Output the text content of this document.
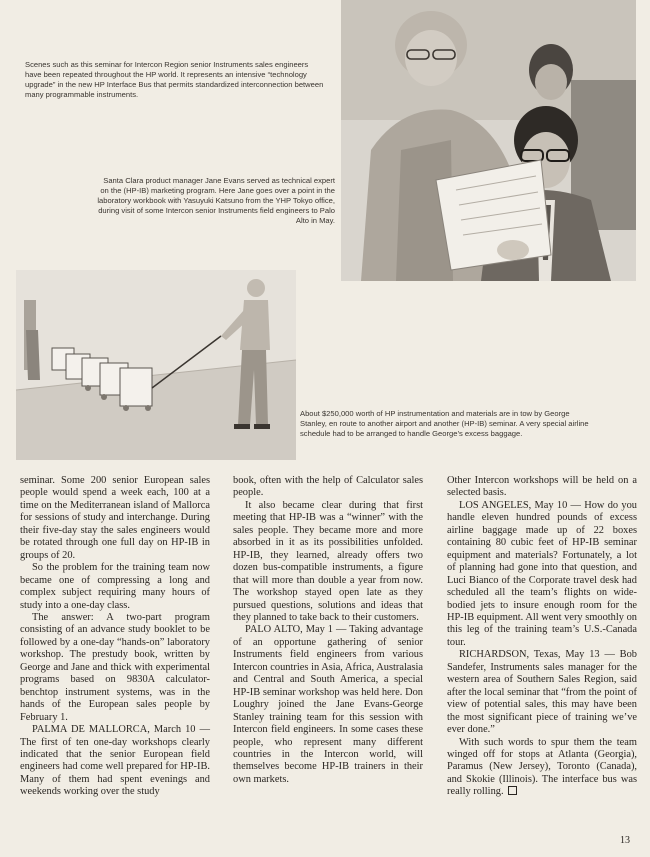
Scenes such as this seminar for Intercon Region senior Instruments sales engineers have been repeated throughout the HP world. It represents an intensive “technology upgrade” in the new HP Interface Bus that permits standardized interconnection between many programmable instruments.
Santa Clara product manager Jane Evans served as technical expert on the (HP-IB) marketing program. Here Jane goes over a point in the laboratory workbook with Yasuyuki Katsuno from the YHP Tokyo office, during visit of some Intercon senior Instruments field engineers to Palo Alto in May.
About $250,000 worth of HP instrumentation and materials are in tow by George Stanley, en route to another airport and another (HP-IB) seminar. A very special airline schedule had to be arranged to handle George’s excess baggage.

seminar. Some 200 senior European sales people would spend a week each, 100 at a time on the Mediterranean island of Mallorca for sessions of study and interchange. During their five-day stay the sales engineers would be rotated through one full day on HP-IB in groups of 20.

So the problem for the training team now became one of compressing a long and complex subject requiring many hours of study into a one-day class.

The answer: A two-part program consisting of an advance study booklet to be followed by a one-day “hands-on” laboratory workshop. The prestudy book, written by George and Jane and thick with experimental programs based on 9830A calculator-benchtop instrument systems, was in the hands of the European sales people by February 1.

PALMA DE MALLORCA, March 10 — The first of ten one-day workshops clearly indicated that the senior European field engineers had come well prepared for HP-IB. Many of them had spent evenings and weekends working over the study

book, often with the help of Calculator sales people.

It also became clear during that first meeting that HP-IB was a “winner” with the sales people. They became more and more absorbed in it as its possibilities unfolded. HP-IB, they learned, already offers two dozen bus-compatible instruments, a figure that will more than double a year from now. The workshop stayed open late as they pursued questions, solutions and ideas that they planned to take back to their customers.

PALO ALTO, May 1 — Taking advantage of an opportune gathering of senior Instruments field engineers from various Intercon countries in Asia, Africa, Australasia and Central and South America, a special HP-IB seminar workshop was held here. Don Loughry joined the Jane Evans-George Stanley training team for this session with Intercon field engineers. In some cases these people, who represent many different countries in the Intercon world, will themselves become HP-IB trainers in their own markets.

Other Intercon workshops will be held on a selected basis.

LOS ANGELES, May 10 — How do you handle eleven hundred pounds of excess airline baggage made up of 22 boxes containing 80 cubic feet of HP-IB seminar equipment and materials? Fortunately, a lot of planning had gone into that question, and Luci Bianco of the Corporate travel desk had scheduled all the team’s flights on wide-bodied jets to insure enough room for the HP-IB equipment. All went very smoothly on this leg of the training team’s U.S.-Canada tour.

RICHARDSON, Texas, May 13 — Bob Sandefer, Instruments sales manager for the western area of Southern Sales Region, said after the local seminar that “from the point of view of potential sales, this may have been the most significant piece of training we’ve ever done.”

With such words to spur them the team winged off for stops at Atlanta (Georgia), Paramus (New Jersey), Toronto (Canada), and Skokie (Illinois). The interface bus was really rolling.

13
